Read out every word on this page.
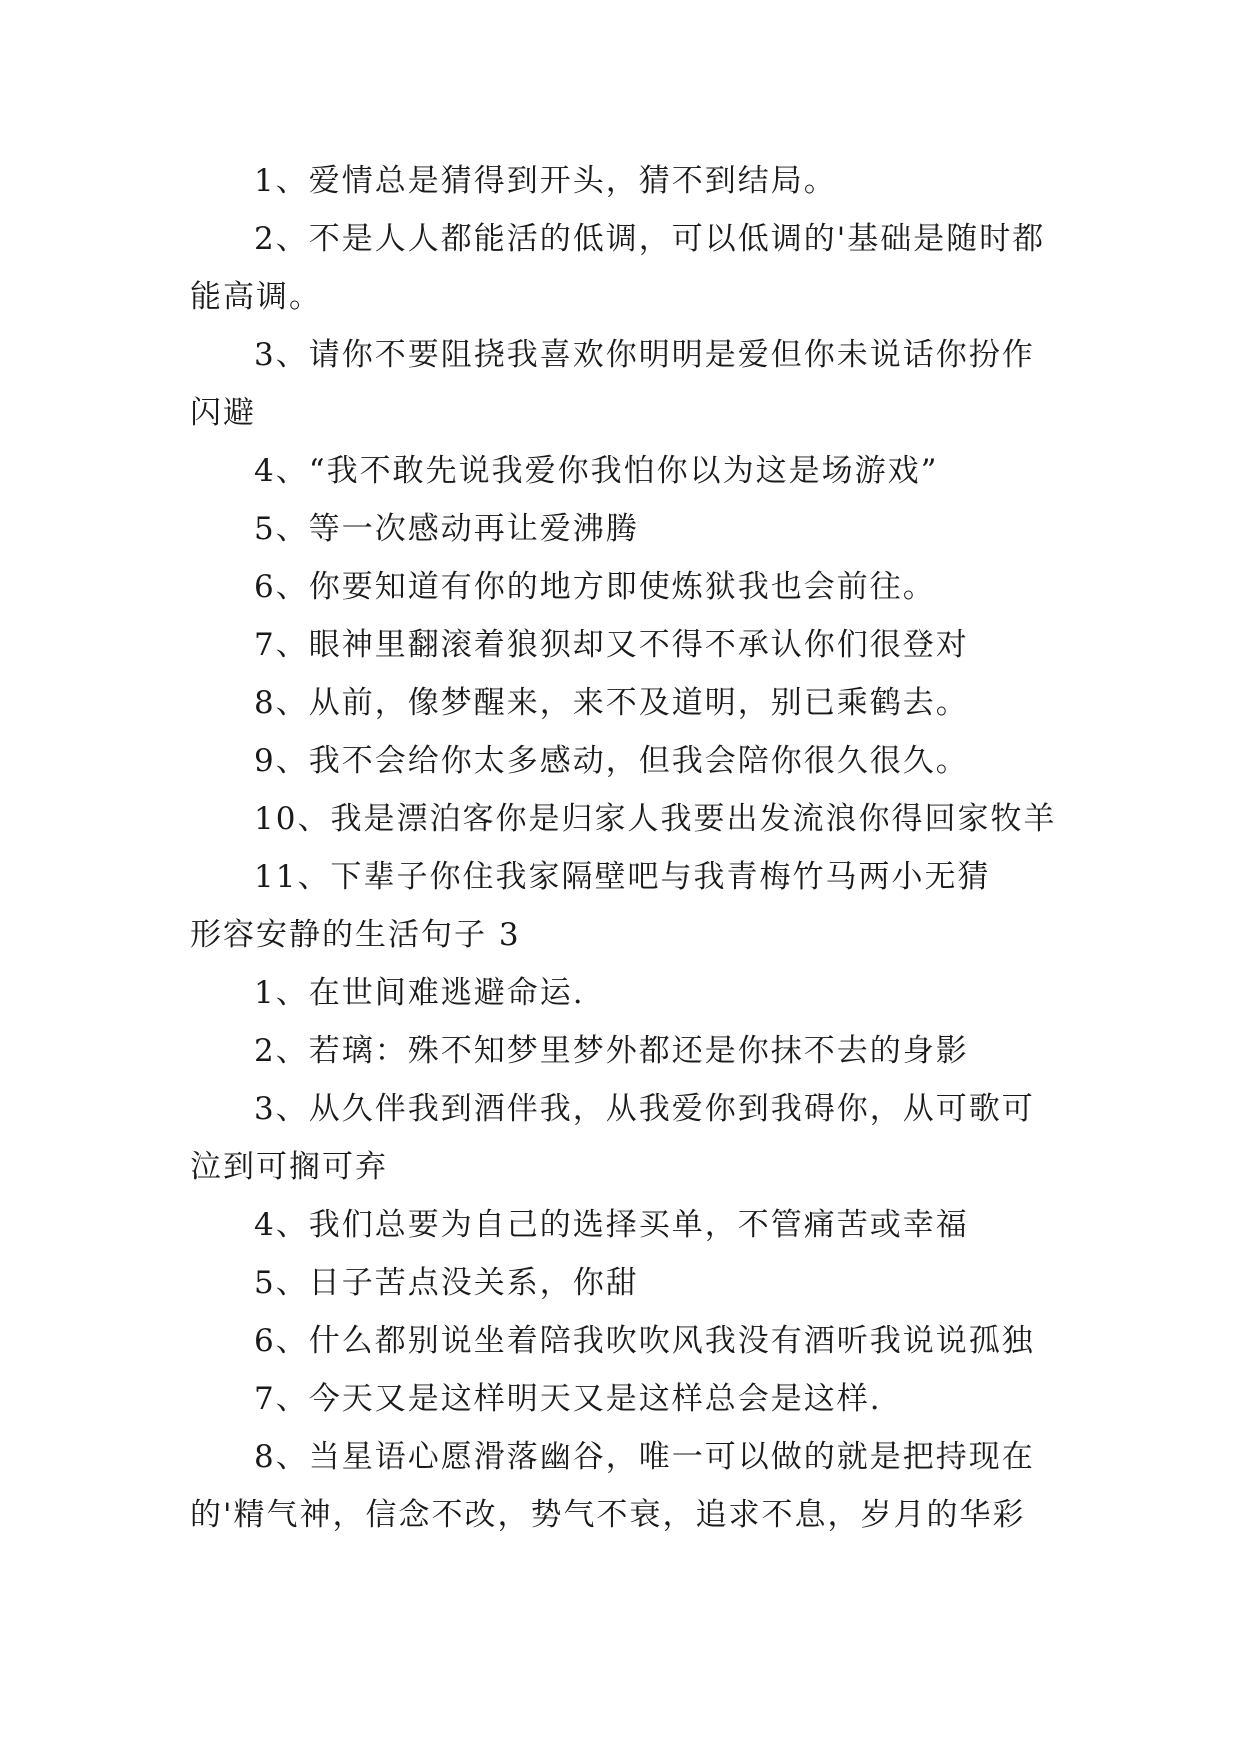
1、爱情总是猜得到开头，猜不到结局。

2、不是人人都能活的低调，可以低调的'基础是随时都能高调。

3、请你不要阻挠我喜欢你明明是爱但你未说话你扮作闪避

4、“我不敢先说我爱你我怕你以为这是场游戏”

5、等一次感动再让爱沸腾

6、你要知道有你的地方即使炼狱我也会前往。

7、眼神里翻滚着狼狈却又不得不承认你们很登对

8、从前，像梦醒来，来不及道明，别已乘鹤去。

9、我不会给你太多感动，但我会陪你很久很久。

10、我是漂泊客你是归家人我要出发流浪你得回家牧羊

11、下辈子你住我家隔壁吧与我青梅竹马两小无猜

形容安静的生活句子 3

1、在世间难逃避命运.

2、若璃：殊不知梦里梦外都还是你抹不去的身影

3、从久伴我到酒伴我，从我爱你到我碍你，从可歌可泣到可搁可弃

4、我们总要为自己的选择买单，不管痛苦或幸福

5、日子苦点没关系，你甜

6、什么都别说坐着陪我吹吹风我没有酒听我说说孤独

7、今天又是这样明天又是这样总会是这样.

8、当星语心愿滑落幽谷，唯一可以做的就是把持现在的'精气神，信念不改，势气不衰，追求不息，岁月的华彩
